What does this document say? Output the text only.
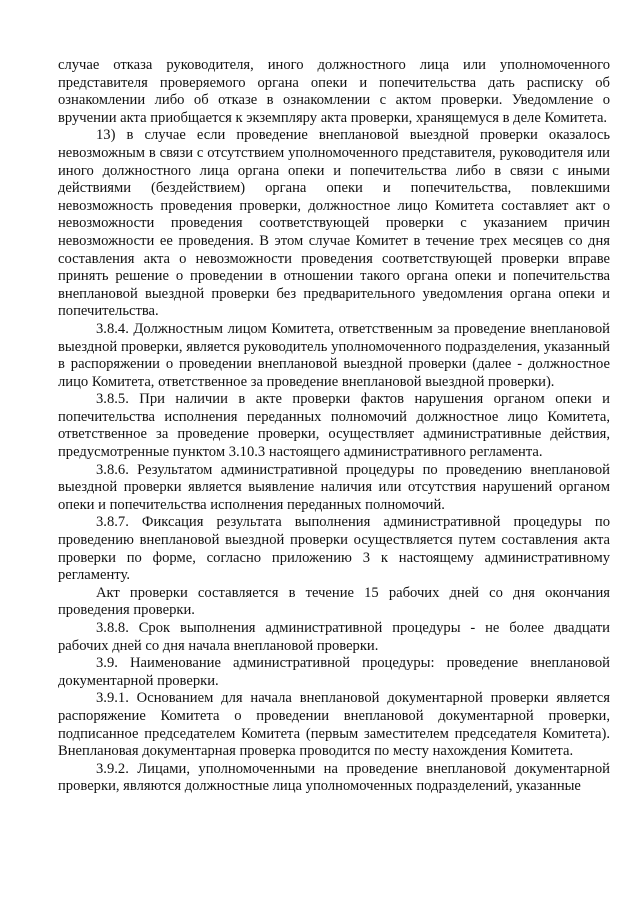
случае отказа руководителя, иного должностного лица или уполномоченного представителя проверяемого органа опеки и попечительства дать расписку об ознакомлении либо об отказе в ознакомлении с актом проверки. Уведомление о вручении акта приобщается к экземпляру акта проверки, хранящемуся в деле Комитета.

13) в случае если проведение внеплановой выездной проверки оказалось невозможным в связи с отсутствием уполномоченного представителя, руководителя или иного должностного лица органа опеки и попечительства либо в связи с иными действиями (бездействием) органа опеки и попечительства, повлекшими невозможность проведения проверки, должностное лицо Комитета составляет акт о невозможности проведения соответствующей проверки с указанием причин невозможности ее проведения. В этом случае Комитет в течение трех месяцев со дня составления акта о невозможности проведения соответствующей проверки вправе принять решение о проведении в отношении такого органа опеки и попечительства внеплановой выездной проверки без предварительного уведомления органа опеки и попечительства.

3.8.4. Должностным лицом Комитета, ответственным за проведение внеплановой выездной проверки, является руководитель уполномоченного подразделения, указанный в распоряжении о проведении внеплановой выездной проверки (далее - должностное лицо Комитета, ответственное за проведение внеплановой выездной проверки).

3.8.5. При наличии в акте проверки фактов нарушения органом опеки и попечительства исполнения переданных полномочий должностное лицо Комитета, ответственное за проведение проверки, осуществляет административные действия, предусмотренные пунктом 3.10.3 настоящего административного регламента.

3.8.6. Результатом административной процедуры по проведению внеплановой выездной проверки является выявление наличия или отсутствия нарушений органом опеки и попечительства исполнения переданных полномочий.

3.8.7. Фиксация результата выполнения административной процедуры по проведению внеплановой выездной проверки осуществляется путем составления акта проверки по форме, согласно приложению 3 к настоящему административному регламенту.

Акт проверки составляется в течение 15 рабочих дней со дня окончания проведения проверки.

3.8.8. Срок выполнения административной процедуры - не более двадцати рабочих дней со дня начала внеплановой проверки.

3.9. Наименование административной процедуры: проведение внеплановой документарной проверки.

3.9.1. Основанием для начала внеплановой документарной проверки является распоряжение Комитета о проведении внеплановой документарной проверки, подписанное председателем Комитета (первым заместителем председателя Комитета). Внеплановая документарная проверка проводится по месту нахождения Комитета.

3.9.2. Лицами, уполномоченными на проведение внеплановой документарной проверки, являются должностные лица уполномоченных подразделений, указанные
